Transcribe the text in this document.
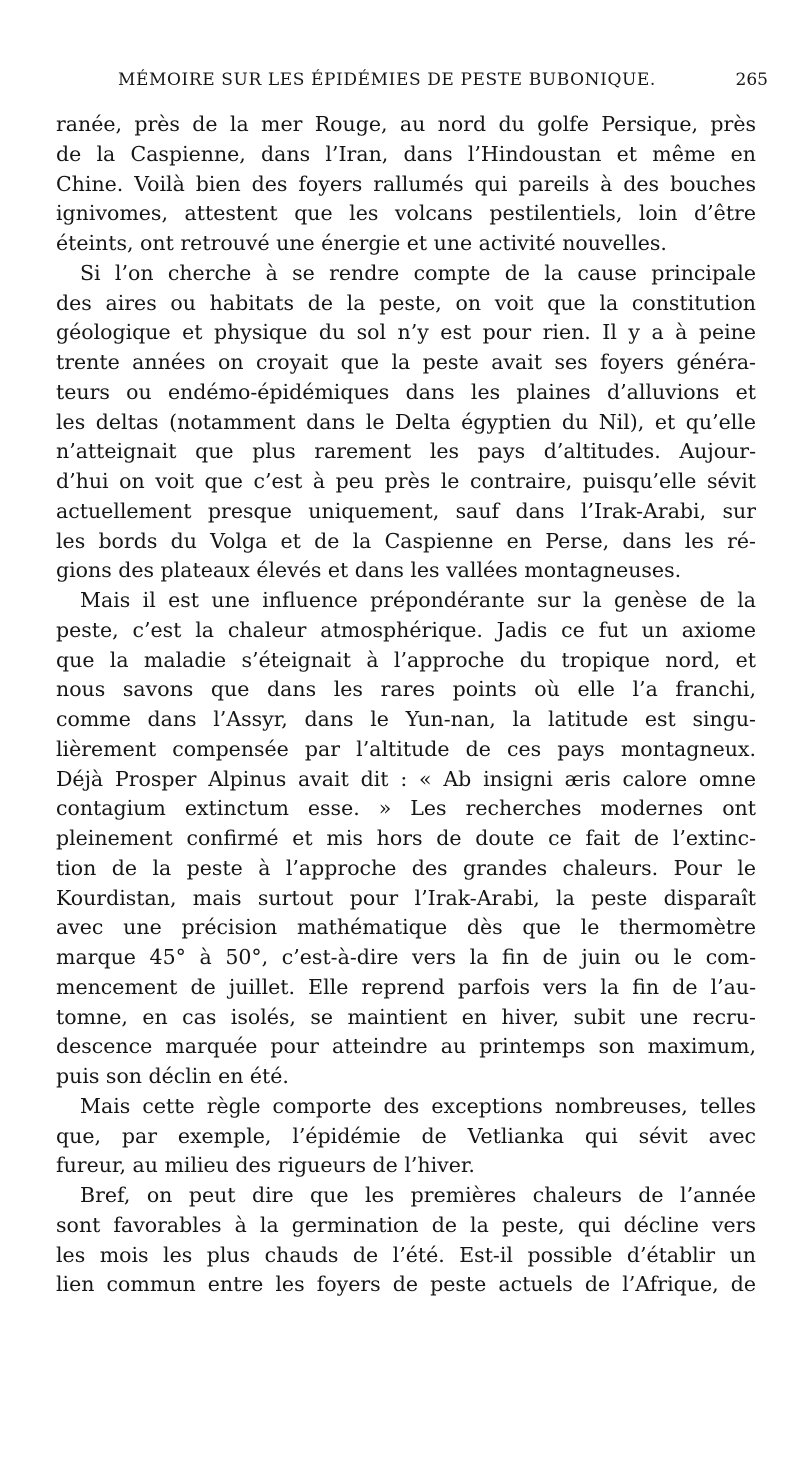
MÉMOIRE SUR LES ÉPIDÉMIES DE PESTE BUBONIQUE.	265
ranée, près de la mer Rouge, au nord du golfe Persique, près
de la Caspienne, dans l’Iran, dans l’Hindoustan et même en
Chine. Voilà bien des foyers rallumés qui pareils à des bouches
ignivomes, attestent que les volcans pestilentiels, loin d’être
éteints, ont retrouvé une énergie et une activité nouvelles.
Si l’on cherche à se rendre compte de la cause principale
des aires ou habitats de la peste, on voit que la constitution
géologique et physique du sol n’y est pour rien. Il y a à peine
trente années on croyait que la peste avait ses foyers généra-
teurs ou endémo-épidémiques dans les plaines d’alluvions et
les deltas (notamment dans le Delta égyptien du Nil), et qu’elle
n’atteignait que plus rarement les pays d’altitudes. Aujour-
d’hui on voit que c’est à peu près le contraire, puisqu’elle sévit
actuellement presque uniquement, sauf dans l’Irak-Arabi, sur
les bords du Volga et de la Caspienne en Perse, dans les ré-
gions des plateaux élevés et dans les vallées montagneuses.
Mais il est une influence prépondérante sur la genèse de la
peste, c’est la chaleur atmosphérique. Jadis ce fut un axiome
que la maladie s’éteignait à l’approche du tropique nord, et
nous savons que dans les rares points où elle l’a franchi,
comme dans l’Assyr, dans le Yun-nan, la latitude est singu-
lièrement compensée par l’altitude de ces pays montagneux.
Déjà Prosper Alpinus avait dit : « Ab insigni æris calore omne
contagium extinctum esse. » Les recherches modernes ont
pleinement confirmé et mis hors de doute ce fait de l’extinc-
tion de la peste à l’approche des grandes chaleurs. Pour le
Kourdistan, mais surtout pour l’Irak-Arabi, la peste disparaît
avec une précision mathématique dès que le thermomètre
marque 45° à 50°, c’est-à-dire vers la fin de juin ou le com-
mencement de juillet. Elle reprend parfois vers la fin de l’au-
tomne, en cas isolés, se maintient en hiver, subit une recru-
descence marquée pour atteindre au printemps son maximum,
puis son déclin en été.
Mais cette règle comporte des exceptions nombreuses, telles
que, par exemple, l’épidémie de Vetlianka qui sévit avec
fureur, au milieu des rigueurs de l’hiver.
Bref, on peut dire que les premières chaleurs de l’année
sont favorables à la germination de la peste, qui décline vers
les mois les plus chauds de l’été. Est-il possible d’établir un
lien commun entre les foyers de peste actuels de l’Afrique, de
